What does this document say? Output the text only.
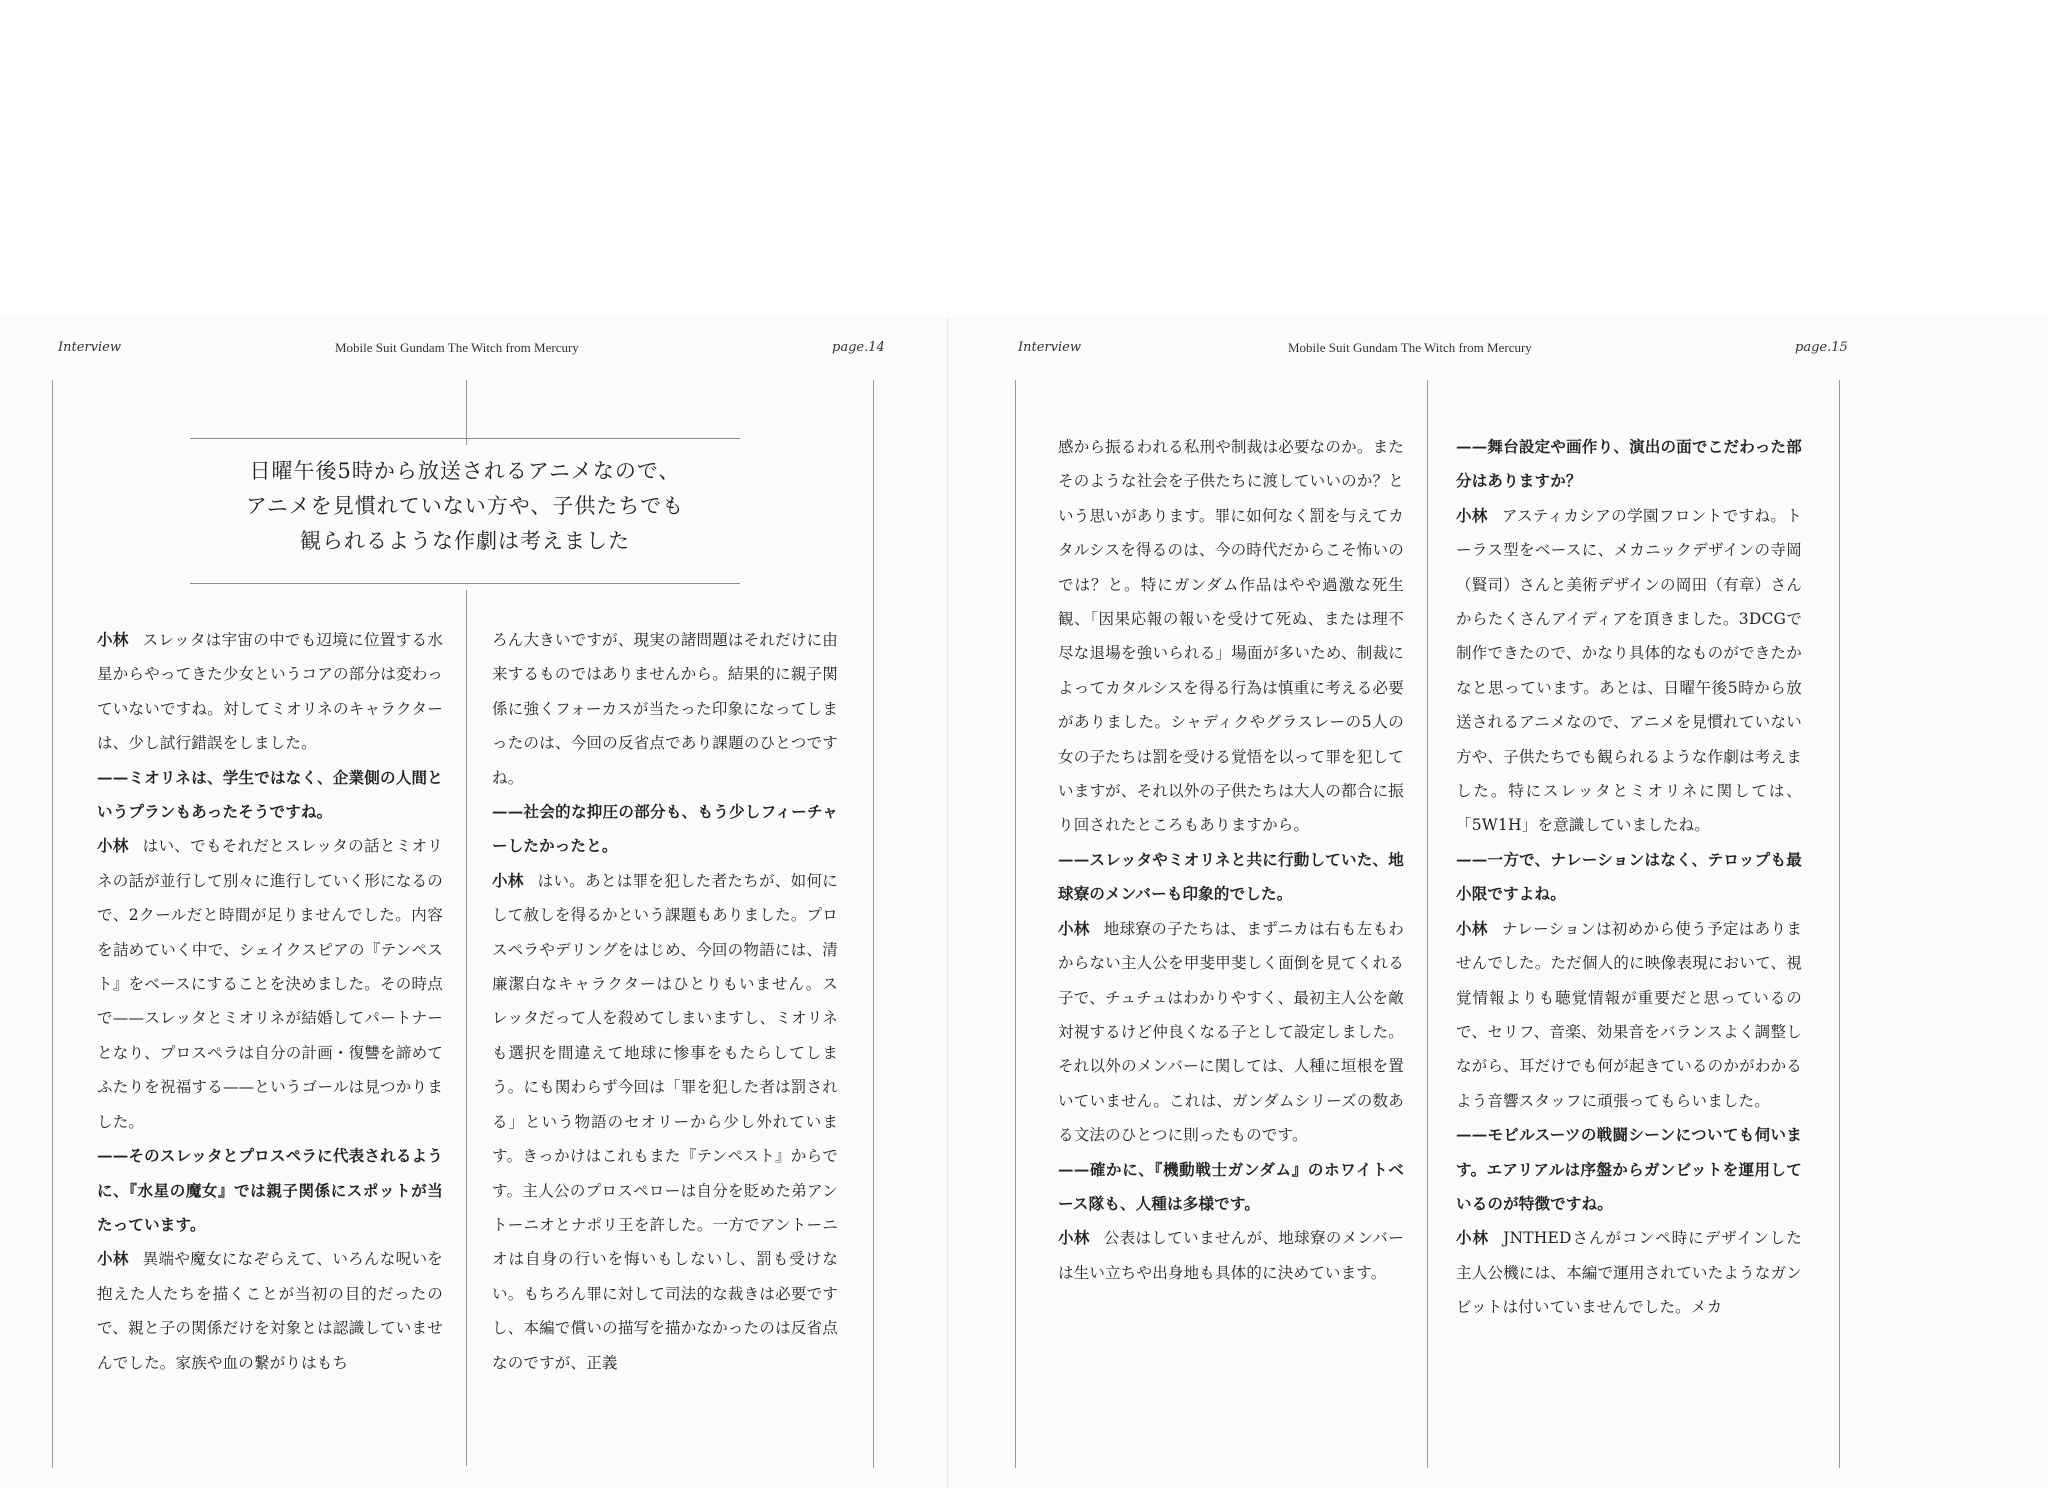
Interview	Mobile Suit Gundam The Witch from Mercury	page.14
日曜午後5時から放送されるアニメなので、
アニメを見慣れていない方や、子供たちでも
観られるような作劇は考えました

小林 スレッタは宇宙の中でも辺境に位置する水星からやってきた少女というコアの部分は変わっていないですね。対してミオリネのキャラクターは、少し試行錯誤をしました。

——ミオリネは、学生ではなく、企業側の人間というプランもあったそうですね。

小林 はい、でもそれだとスレッタの話とミオリネの話が並行して別々に進行していく形になるので、2クールだと時間が足りませんでした。内容を詰めていく中で、シェイクスピアの『テンペスト』をベースにすることを決めました。その時点で——スレッタとミオリネが結婚してパートナーとなり、プロスペラは自分の計画・復讐を諦めてふたりを祝福する——というゴールは見つかりました。

——そのスレッタとプロスペラに代表されるように、『水星の魔女』では親子関係にスポットが当たっています。

小林 異端や魔女になぞらえて、いろんな呪いを抱えた人たちを描くことが当初の目的だったので、親と子の関係だけを対象とは認識していませんでした。家族や血の繋がりはもち

ろん大きいですが、現実の諸問題はそれだけに由来するものではありませんから。結果的に親子関係に強くフォーカスが当たった印象になってしまったのは、今回の反省点であり課題のひとつですね。

——社会的な抑圧の部分も、もう少しフィーチャーしたかったと。

小林 はい。あとは罪を犯した者たちが、如何にして赦しを得るかという課題もありました。プロスペラやデリングをはじめ、今回の物語には、清廉潔白なキャラクターはひとりもいません。スレッタだって人を殺めてしまいますし、ミオリネも選択を間違えて地球に惨事をもたらしてしまう。にも関わらず今回は「罪を犯した者は罰される」という物語のセオリーから少し外れています。きっかけはこれもまた『テンペスト』からです。主人公のプロスペローは自分を貶めた弟アントーニオとナポリ王を許した。一方でアントーニオは自身の行いを悔いもしないし、罰も受けない。もちろん罪に対して司法的な裁きは必要ですし、本編で償いの描写を描かなかったのは反省点なのですが、正義

Interview	Mobile Suit Gundam The Witch from Mercury	page.15

感から振るわれる私刑や制裁は必要なのか。またそのような社会を子供たちに渡していいのか？という思いがあります。罪に如何なく罰を与えてカタルシスを得るのは、今の時代だからこそ怖いのでは？と。特にガンダム作品はやや過激な死生観、「因果応報の報いを受けて死ぬ、または理不尽な退場を強いられる」場面が多いため、制裁によってカタルシスを得る行為は慎重に考える必要がありました。シャディクやグラスレーの5人の女の子たちは罰を受ける覚悟を以って罪を犯していますが、それ以外の子供たちは大人の都合に振り回されたところもありますから。

——スレッタやミオリネと共に行動していた、地球寮のメンバーも印象的でした。

小林 地球寮の子たちは、まずニカは右も左もわからない主人公を甲斐甲斐しく面倒を見てくれる子で、チュチュはわかりやすく、最初主人公を敵対視するけど仲良くなる子として設定しました。それ以外のメンバーに関しては、人種に垣根を置いていません。これは、ガンダムシリーズの数ある文法のひとつに則ったものです。

——確かに、『機動戦士ガンダム』のホワイトベース隊も、人種は多様です。

小林 公表はしていませんが、地球寮のメンバーは生い立ちや出身地も具体的に決めています。

——舞台設定や画作り、演出の面でこだわった部分はありますか？

小林 アスティカシアの学園フロントですね。トーラス型をベースに、メカニックデザインの寺岡（賢司）さんと美術デザインの岡田（有章）さんからたくさんアイディアを頂きました。3DCGで制作できたので、かなり具体的なものができたかなと思っています。あとは、日曜午後5時から放送されるアニメなので、アニメを見慣れていない方や、子供たちでも観られるような作劇は考えました。特にスレッタとミオリネに関しては、「5W1H」を意識していましたね。

——一方で、ナレーションはなく、テロップも最小限ですよね。

小林 ナレーションは初めから使う予定はありませんでした。ただ個人的に映像表現において、視覚情報よりも聴覚情報が重要だと思っているので、セリフ、音楽、効果音をバランスよく調整しながら、耳だけでも何が起きているのかがわかるよう音響スタッフに頑張ってもらいました。

——モビルスーツの戦闘シーンについても伺います。エアリアルは序盤からガンビットを運用しているのが特徴ですね。

小林 JNTHEDさんがコンペ時にデザインした主人公機には、本編で運用されていたようなガンビットは付いていませんでした。メカ
